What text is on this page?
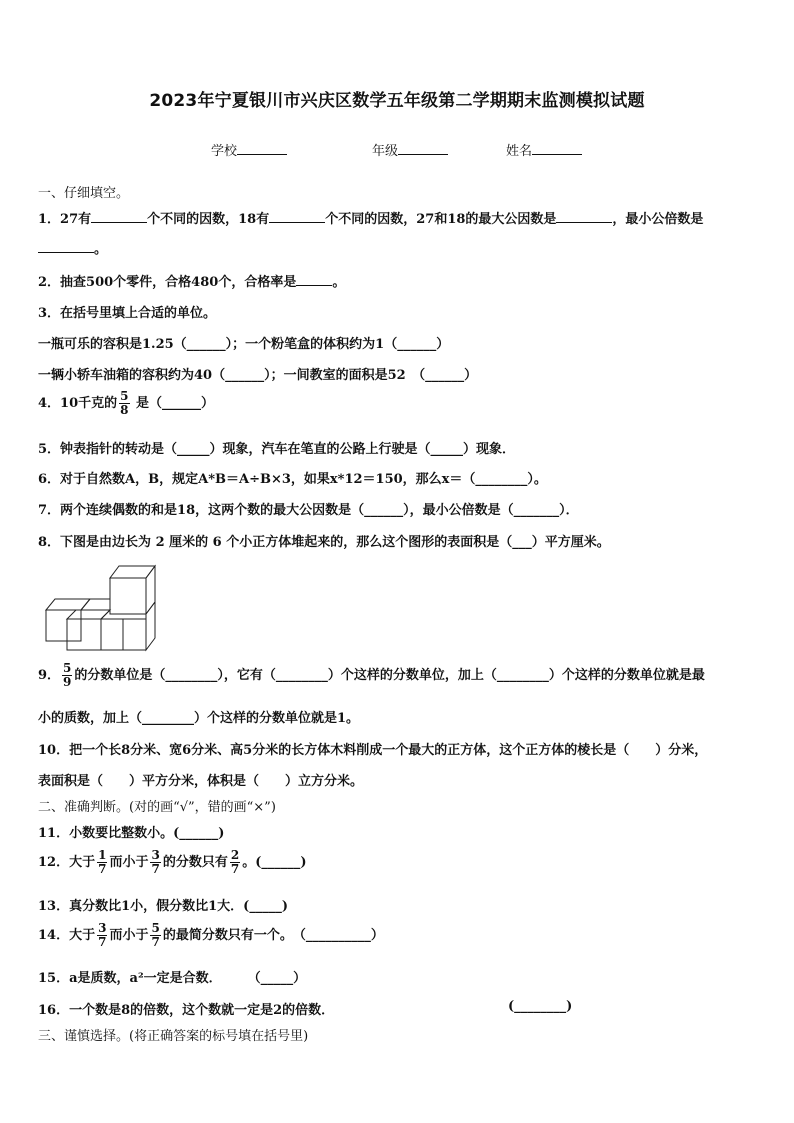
2023年宁夏银川市兴庆区数学五年级第二学期期末监测模拟试题
学校	年级	姓名
一、仔细填空。
1．27有	个不同的因数，18有	个不同的因数，27和18的最大公因数是	，最小公倍数是
。
2．抽查500个零件，合格480个，合格率是	。
3．在括号里填上合适的单位。
一瓶可乐的容积是1.25（______）；一个粉笔盒的体积约为1（______）
一辆小轿车油箱的容积约为40（______）；一间教室的面积是52　（______）
4．10千克的 $\frac{5}{8}$ 是（______）
5．钟表指针的转动是（_____）现象，汽车在笔直的公路上行驶是（_____）现象．
6．对于自然数A，B，规定A*B＝A÷B×3，如果x*12＝150，那么x＝（________）。
7．两个连续偶数的和是18，这两个数的最大公因数是（______），最小公倍数是（_______）．
8．下图是由边长为 2 厘米的 6 个小正方体堆起来的，那么这个图形的表面积是（___）平方厘米。
9． $\frac{5}{9}$ 的分数单位是（________），它有（________）个这样的分数单位，加上（________）个这样的分数单位就是最
小的质数，加上（________）个这样的分数单位就是1。
10．把一个长8分米、宽6分米、高5分米的长方体木料削成一个最大的正方体，这个正方体的棱长是（　　）分米，
表面积是（　　）平方分米，体积是（　　）立方分米。
二、准确判断。(对的画“√”，错的画“×”)
11．小数要比整数小。(______)
12．大于 $\frac{1}{7}$ 而小于 $\frac{3}{7}$ 的分数只有 $\frac{2}{7}$ 。(______)
13．真分数比1小，假分数比1大．(_____)
14．大于 $\frac{3}{7}$ 而小于 $\frac{5}{7}$ 的最简分数只有一个。　（__________）
15．a是质数，a²一定是合数．　　　（_____）
16．一个数是8的倍数，这个数就一定是2的倍数．	(________)
三、谨慎选择。(将正确答案的标号填在括号里)
